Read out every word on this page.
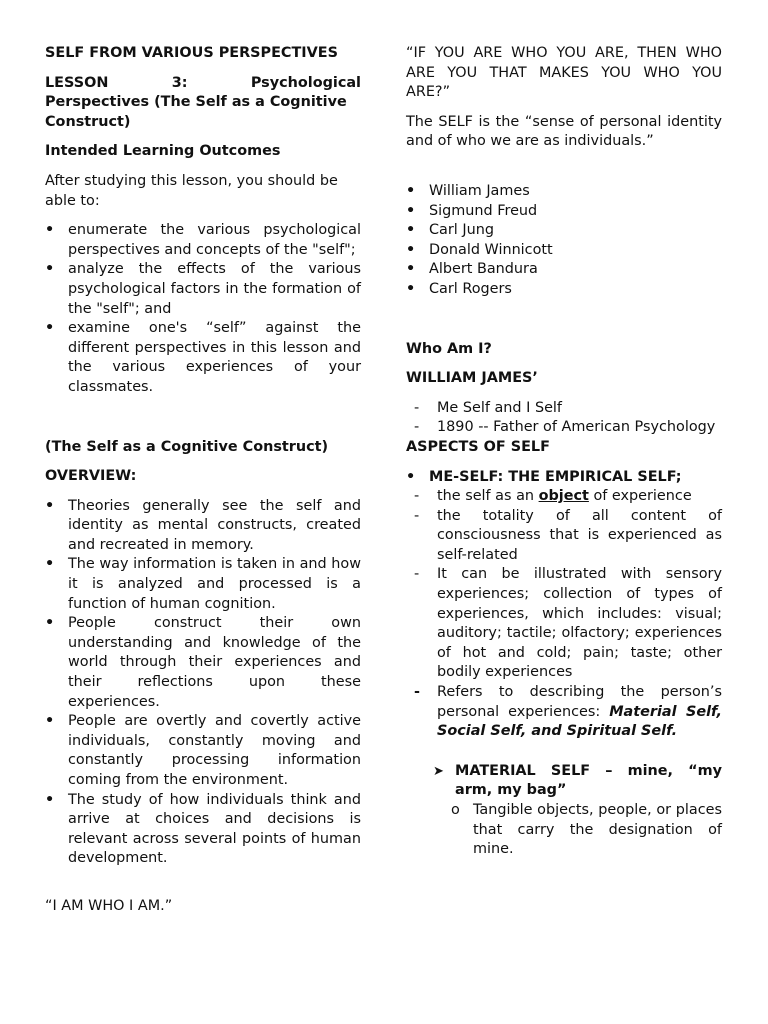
SELF FROM VARIOUS PERSPECTIVES

LESSON	3:	Psychological
Perspectives (The Self as a Cognitive
Construct)

Intended Learning Outcomes

After studying this lesson, you should be able to:

• enumerate the various psychological perspectives and concepts of the "self";
• analyze the effects of the various psychological factors in the formation of the "self"; and
• examine one's “self” against the different perspectives in this lesson and the various experiences of your classmates.

(The Self as a Cognitive Construct)

OVERVIEW:

• Theories generally see the self and identity as mental constructs, created and recreated in memory.
• The way information is taken in and how it is analyzed and processed is a function of human cognition.
• People construct their own understanding and knowledge of the world through their experiences and their reflections upon these experiences.
• People are overtly and covertly active individuals, constantly moving and constantly processing information coming from the environment.
• The study of how individuals think and arrive at choices and decisions is relevant across several points of human development.

“I AM WHO I AM.”

“IF YOU ARE WHO YOU ARE, THEN WHO ARE YOU THAT MAKES YOU WHO YOU ARE?”

The SELF is the “sense of personal identity and of who we are as individuals.”

• William James
• Sigmund Freud
• Carl Jung
• Donald Winnicott
• Albert Bandura
• Carl Rogers

Who Am I?

WILLIAM JAMES’

- Me Self and I Self
- 1890 -- Father of American Psychology

ASPECTS OF SELF

• ME-SELF: THE EMPIRICAL SELF;
- the self as an object of experience
- the totality of all content of consciousness that is experienced as self-related
- It can be illustrated with sensory experiences; collection of types of experiences, which includes: visual; auditory; tactile; olfactory; experiences of hot and cold; pain; taste; other bodily experiences
- Refers to describing the person’s personal experiences: Material Self, Social Self, and Spiritual Self.
➤ MATERIAL SELF – mine, “my arm, my bag”
o Tangible objects, people, or places that carry the designation of mine.
